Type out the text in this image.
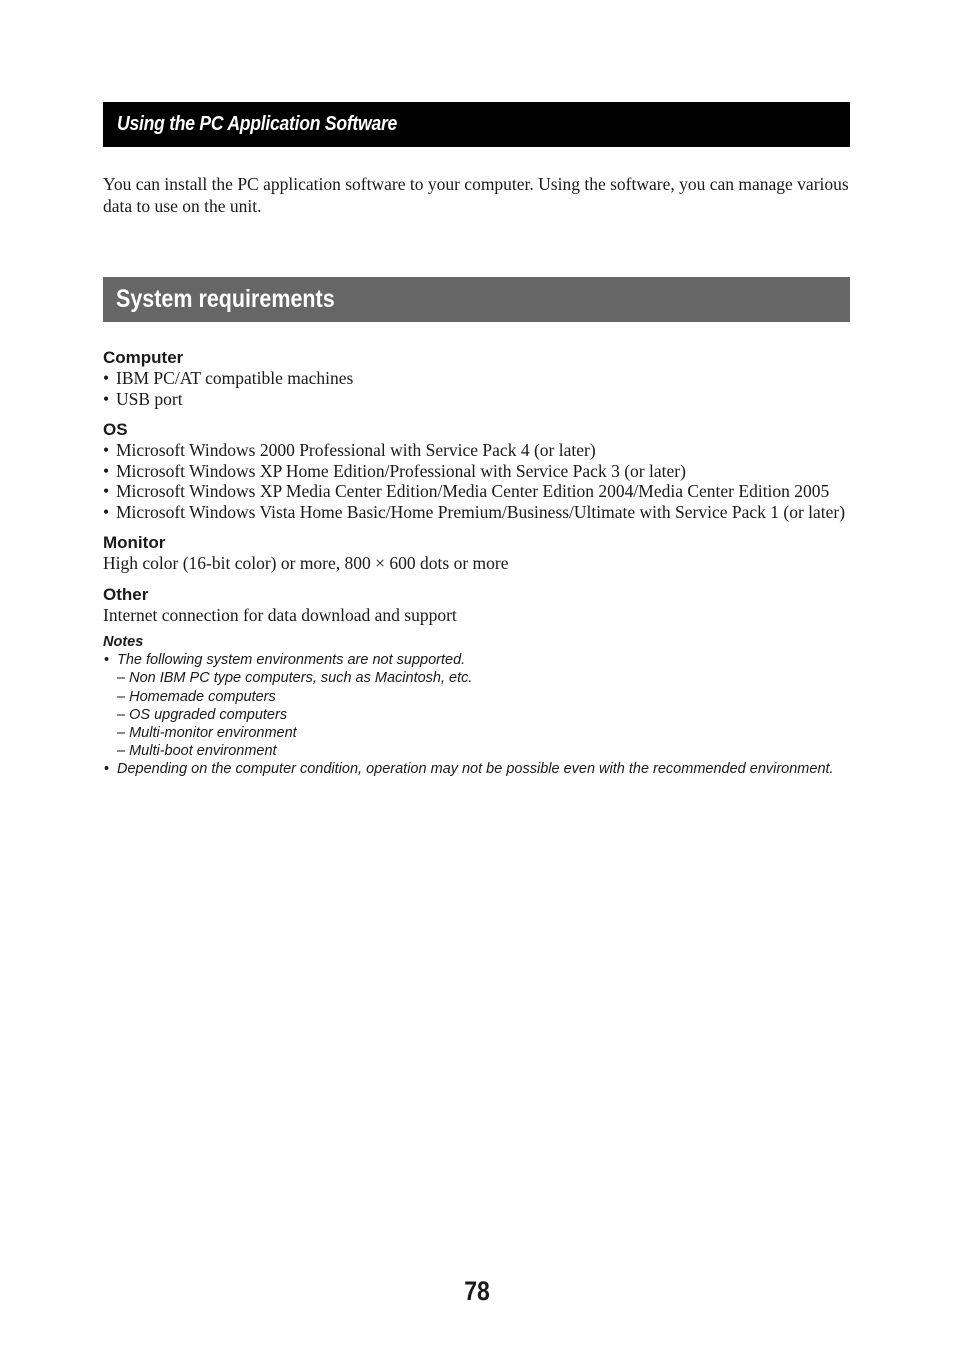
Using the PC Application Software

You can install the PC application software to your computer. Using the software, you can manage various data to use on the unit.

System requirements

Computer

• IBM PC/AT compatible machines
• USB port

OS

• Microsoft Windows 2000 Professional with Service Pack 4 (or later)
• Microsoft Windows XP Home Edition/Professional with Service Pack 3 (or later)
• Microsoft Windows XP Media Center Edition/Media Center Edition 2004/Media Center Edition 2005
• Microsoft Windows Vista Home Basic/Home Premium/Business/Ultimate with Service Pack 1 (or later)

Monitor

High color (16-bit color) or more, 800 × 600 dots or more

Other

Internet connection for data download and support

Notes

• The following system environments are not supported.
– Non IBM PC type computers, such as Macintosh, etc.
– Homemade computers
– OS upgraded computers
– Multi-monitor environment
– Multi-boot environment
• Depending on the computer condition, operation may not be possible even with the recommended environment.
78
